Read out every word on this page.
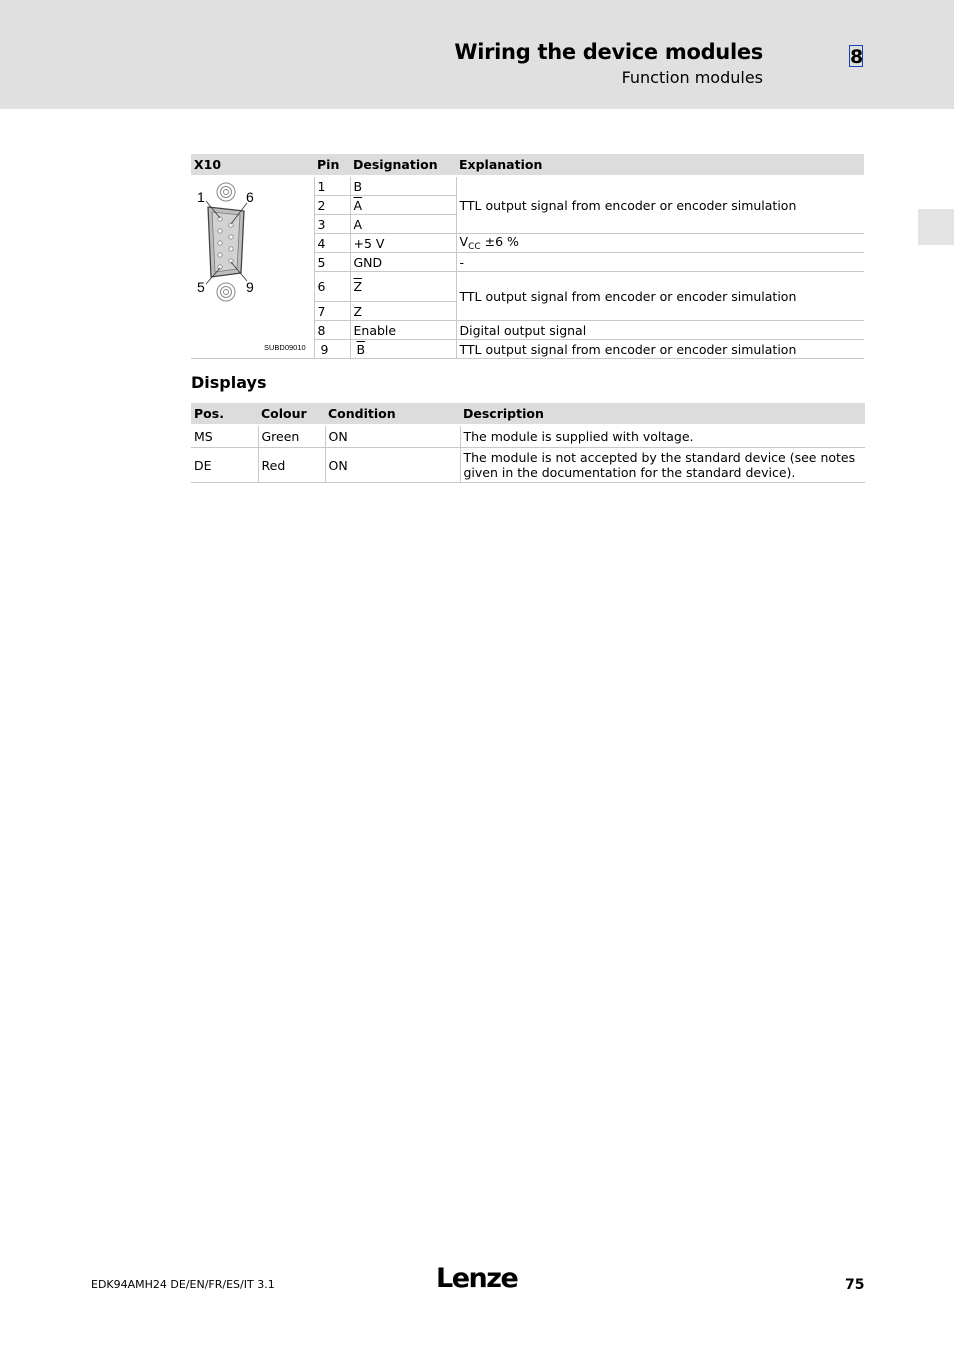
Wiring the device modules
Function modules
8
X10	Pin	Designation	Explanation

1 6
5 9
SUBD09010	1	B	TTL output signal from encoder or encoder simulation
	2	$\overline{A}$
	3	A	
	4	+5 V	$V_{CC} \pm 6$ %
	5	GND	-
	6	$\overline{Z}$	TTL output signal from encoder or encoder simulation
	7	Z	
	8	Enable	Digital output signal
	9	$\overline{B}$	TTL output signal from encoder or encoder simulation
Displays
Pos.	Colour	Condition	Description
MS	Green	ON	The module is supplied with voltage.
DE	Red	ON	The module is not accepted by the standard device (see notes given in the documentation for the standard device).
EDK94AMH24 DE/EN/FR/ES/IT 3.1	Lenze	75
